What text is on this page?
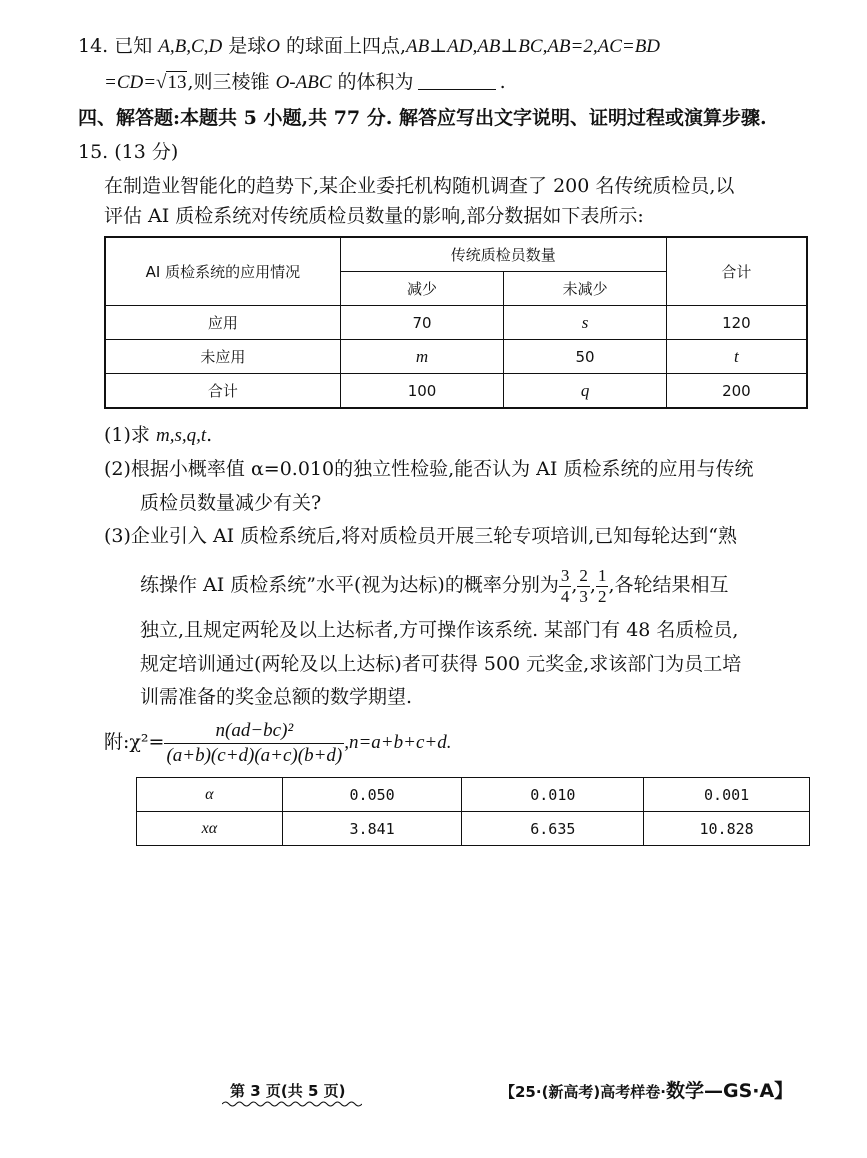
14. 已知 A,B,C,D 是球O 的球面上四点,AB⊥AD,AB⊥BC,AB=2,AC=BD
=CD=√13,则三棱锥 O-ABC 的体积为	.
四、解答题:本题共 5 小题,共 77 分. 解答应写出文字说明、证明过程或演算步骤.
15. (13 分)
在制造业智能化的趋势下,某企业委托机构随机调查了 200 名传统质检员,以
评估 AI 质检系统对传统质检员数量的影响,部分数据如下表所示:
AI 质检系统的应用情况	传统质检员数量		合计
	减少	未减少	
应用	70	s	120
未应用	m	50	t
合计	100	q	200
(1)求 m,s,q,t.
(2)根据小概率值 α=0.010的独立性检验,能否认为 AI 质检系统的应用与传统
质检员数量减少有关?
(3)企业引入 AI 质检系统后,将对质检员开展三轮专项培训,已知每轮达到“熟
练操作 AI 质检系统”水平(视为达标)的概率分别为 $\frac{3}{4}$ , $\frac{2}{3}$ , $\frac{1}{2}$ ,各轮结果相互
独立,且规定两轮及以上达标者,方可操作该系统. 某部门有 48 名质检员,
规定培训通过(两轮及以上达标)者可获得 500 元奖金,求该部门为员工培
训需准备的奖金总额的数学期望.
附:χ²= $\frac{\text{n(ad−bc)²}}{(a+b)(c+d)(a+c)(b+d)} ,n=a+b+c+d$.
α	0.050	0.010	0.001
xα	3.841	6.635	10.828
第 3 页(共 5 页)	【25·(新高考)高考样卷·数学—GS·A】
